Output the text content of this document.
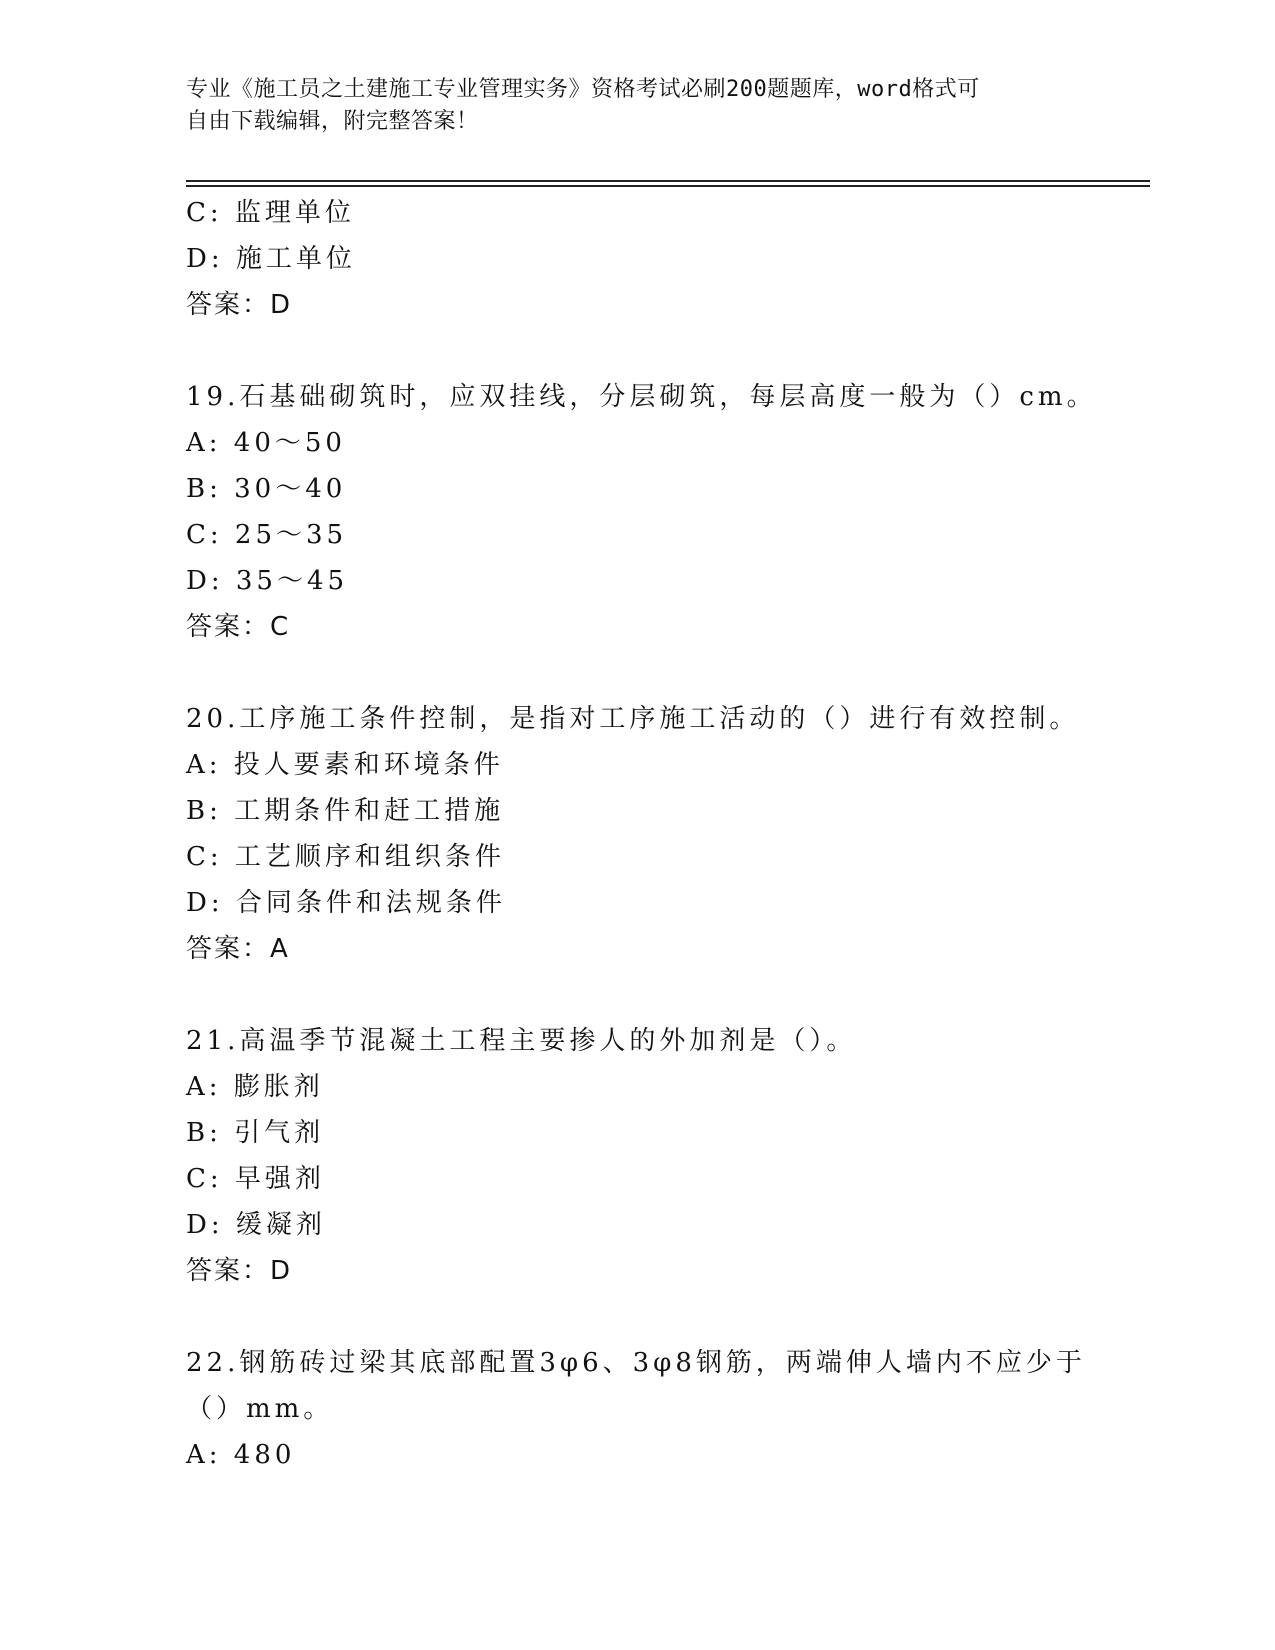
专业《施工员之土建施工专业管理实务》资格考试必刷200题题库，word格式可
自由下载编辑，附完整答案！
C: 监理单位
D: 施工单位
答案：D
19.石基础砌筑时，应双挂线，分层砌筑，每层高度一般为（）cm。
A: 40～50
B: 30～40
C: 25～35
D: 35～45
答案：C
20.工序施工条件控制，是指对工序施工活动的（）进行有效控制。
A: 投人要素和环境条件
B: 工期条件和赶工措施
C: 工艺顺序和组织条件
D: 合同条件和法规条件
答案：A
21.高温季节混凝土工程主要掺人的外加剂是（）。
A: 膨胀剂
B: 引气剂
C: 早强剂
D: 缓凝剂
答案：D
22.钢筋砖过梁其底部配置3φ6、3φ8钢筋，两端伸人墙内不应少于
（）mm。
A: 480
